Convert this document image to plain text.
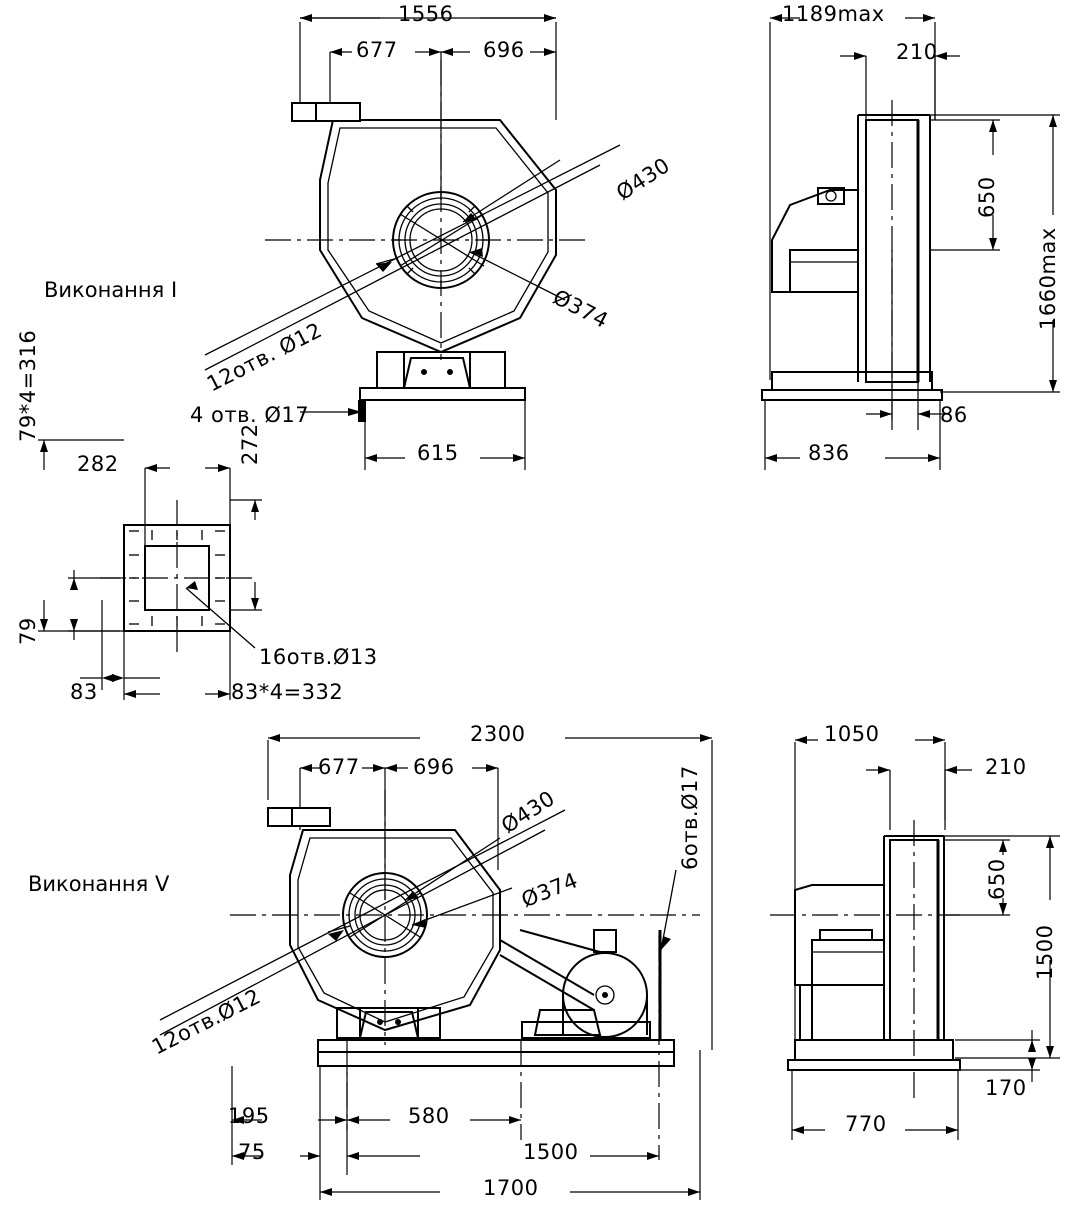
Виконання I
Виконання V
1556
677	696
Ø430
Ø374
12отв. Ø12
4 отв. Ø17
615
1189max
210
650
1660max
86
836
79*4=316
282	272
79
83
16отв.Ø13
83*4=332
2300
677	696
Ø430
Ø374
6отв.Ø17
12отв.Ø12
195	580
75	1500
1700
1050
210
650
1500
170
770
